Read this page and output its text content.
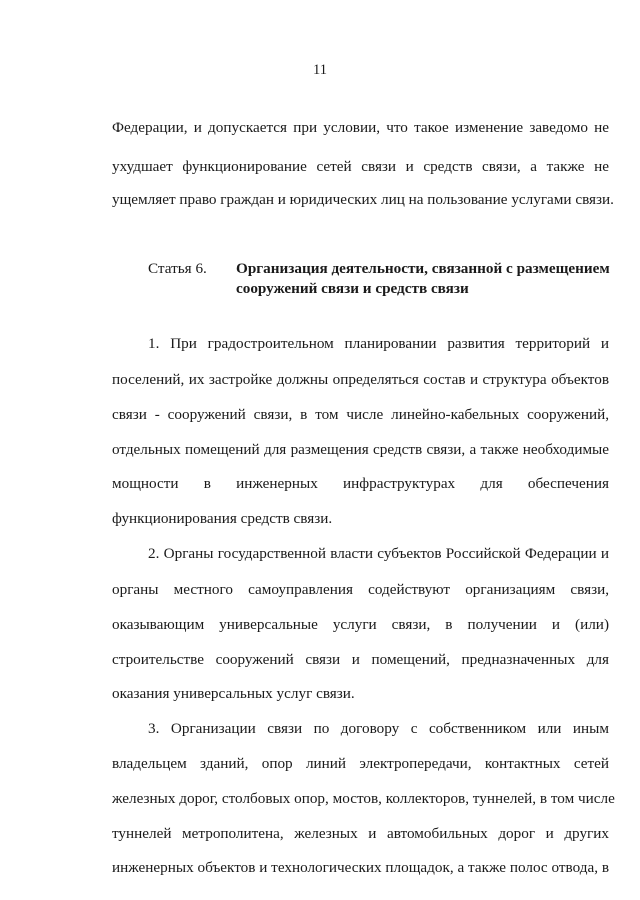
11
Федерации, и допускается при условии, что такое изменение заведомо не
ухудшает функционирование сетей связи и средств связи, а также не
ущемляет право граждан и юридических лиц на пользование услугами связи.
Статья 6. Организация деятельности, связанной с размещением
сооружений связи и средств связи
1. При градостроительном планировании развития территорий и
поселений, их застройке должны определяться состав и структура объектов
связи - сооружений связи, в том числе линейно-кабельных сооружений,
отдельных помещений для размещения средств связи, а также необходимые
мощности в инженерных инфраструктурах для обеспечения
функционирования средств связи.
2. Органы государственной власти субъектов Российской Федерации и
органы местного самоуправления содействуют организациям связи,
оказывающим универсальные услуги связи, в получении и (или)
строительстве сооружений связи и помещений, предназначенных для
оказания универсальных услуг связи.
3. Организации связи по договору с собственником или иным
владельцем зданий, опор линий электропередачи, контактных сетей
железных дорог, столбовых опор, мостов, коллекторов, туннелей, в том числе
туннелей метрополитена, железных и автомобильных дорог и других
инженерных объектов и технологических площадок, а также полос отвода, в
